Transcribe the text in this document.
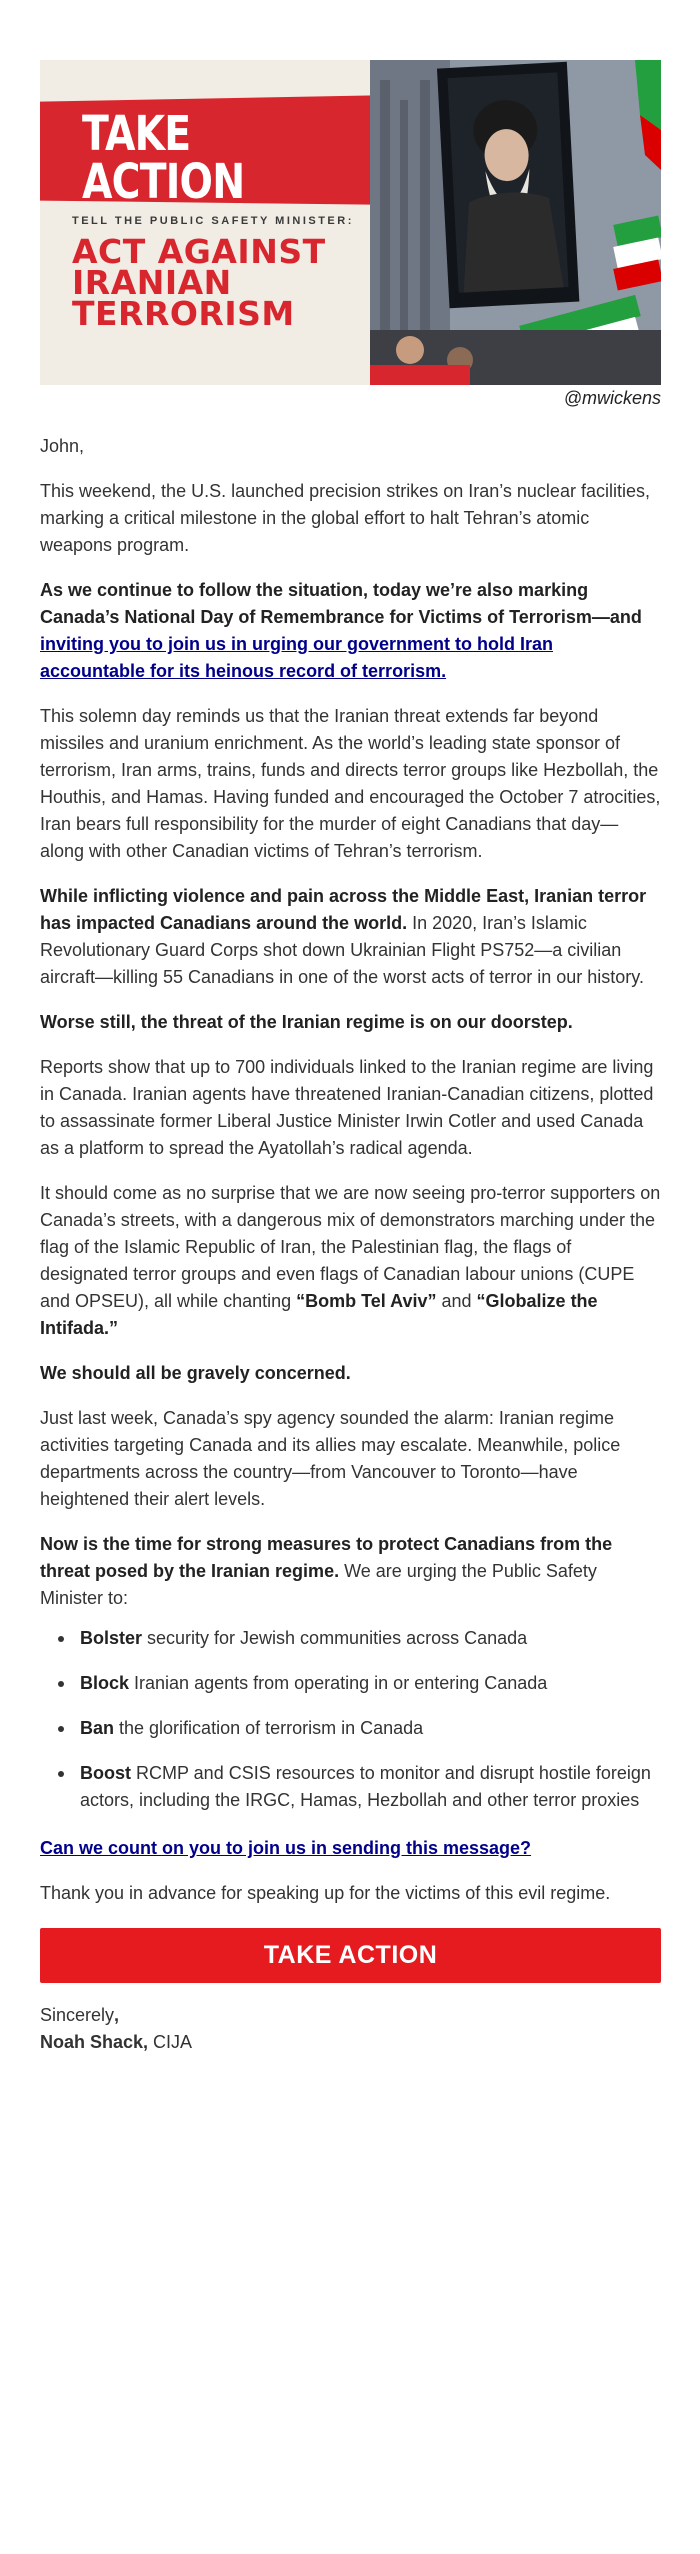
TAKE ACTION
TELL THE PUBLIC SAFETY MINISTER:
ACT AGAINST
IRANIAN
TERRORISM
@mwickens

John,

This weekend, the U.S. launched precision strikes on Iran’s nuclear facilities, marking a critical milestone in the global effort to halt Tehran’s atomic weapons program.

As we continue to follow the situation, today we’re also marking Canada’s National Day of Remembrance for Victims of Terrorism—and inviting you to join us in urging our government to hold Iran accountable for its heinous record of terrorism.

This solemn day reminds us that the Iranian threat extends far beyond missiles and uranium enrichment. As the world’s leading state sponsor of terrorism, Iran arms, trains, funds and directs terror groups like Hezbollah, the Houthis, and Hamas. Having funded and encouraged the October 7 atrocities, Iran bears full responsibility for the murder of eight Canadians that day—along with other Canadian victims of Tehran’s terrorism.

While inflicting violence and pain across the Middle East, Iranian terror has impacted Canadians around the world. In 2020, Iran’s Islamic Revolutionary Guard Corps shot down Ukrainian Flight PS752—a civilian aircraft—killing 55 Canadians in one of the worst acts of terror in our history.

Worse still, the threat of the Iranian regime is on our doorstep.

Reports show that up to 700 individuals linked to the Iranian regime are living in Canada. Iranian agents have threatened Iranian-Canadian citizens, plotted to assassinate former Liberal Justice Minister Irwin Cotler and used Canada as a platform to spread the Ayatollah’s radical agenda.

It should come as no surprise that we are now seeing pro-terror supporters on Canada’s streets, with a dangerous mix of demonstrators marching under the flag of the Islamic Republic of Iran, the Palestinian flag, the flags of designated terror groups and even flags of Canadian labour unions (CUPE and OPSEU), all while chanting “Bomb Tel Aviv” and “Globalize the Intifada.”

We should all be gravely concerned.

Just last week, Canada’s spy agency sounded the alarm: Iranian regime activities targeting Canada and its allies may escalate. Meanwhile, police departments across the country—from Vancouver to Toronto—have heightened their alert levels.

Now is the time for strong measures to protect Canadians from the threat posed by the Iranian regime. We are urging the Public Safety Minister to:

Bolster security for Jewish communities across Canada
Block Iranian agents from operating in or entering Canada
Ban the glorification of terrorism in Canada
Boost RCMP and CSIS resources to monitor and disrupt hostile foreign actors, including the IRGC, Hamas, Hezbollah and other terror proxies

Can we count on you to join us in sending this message?

Thank you in advance for speaking up for the victims of this evil regime.

TAKE ACTION
Sincerely,
Noah Shack, CIJA
